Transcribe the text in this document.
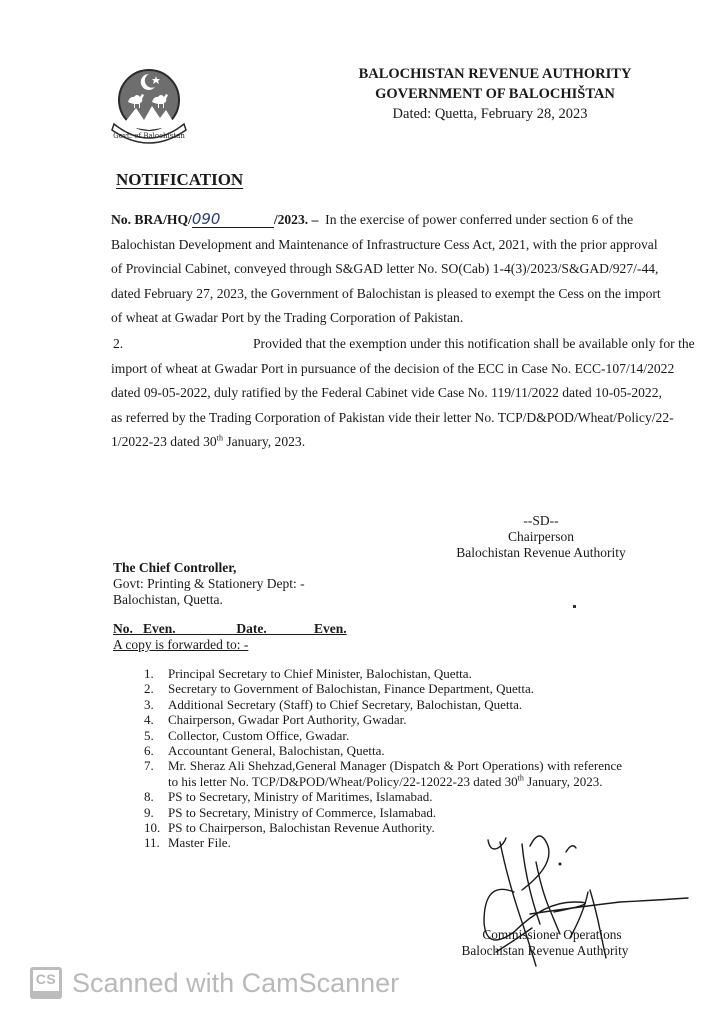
Govt: of Balochistan
BALOCHISTAN REVENUE AUTHORITY
GOVERNMENT OF BALOCHIŠTAN
Dated: Quetta, February 28, 2023
NOTIFICATION
No. BRA/HQ/090	/2023. – In the exercise of power conferred under section 6 of the
Balochistan Development and Maintenance of Infrastructure Cess Act, 2021, with the prior approval
of Provincial Cabinet, conveyed through S&GAD letter No. SO(Cab) 1-4(3)/2023/S&GAD/927/-44,
dated February 27, 2023, the Government of Balochistan is pleased to exempt the Cess on the import
of wheat at Gwadar Port by the Trading Corporation of Pakistan.
2.	Provided that the exemption under this notification shall be available only for the
import of wheat at Gwadar Port in pursuance of the decision of the ECC in Case No. ECC-107/14/2022
dated 09-05-2022, duly ratified by the Federal Cabinet vide Case No. 119/11/2022 dated 10-05-2022,
as referred by the Trading Corporation of Pakistan vide their letter No. TCP/D&POD/Wheat/Policy/22-
1/2022-23 dated 30th January, 2023.
--SD--
Chairperson
Balochistan Revenue Authority
The Chief Controller,
Govt: Printing & Stationery Dept: -
Balochistan, Quetta.
No.   Even.                  Date.              Even.
A copy is forwarded to: -
1. Principal Secretary to Chief Minister, Balochistan, Quetta.
2. Secretary to Government of Balochistan, Finance Department, Quetta.
3. Additional Secretary (Staff) to Chief Secretary, Balochistan, Quetta.
4. Chairperson, Gwadar Port Authority, Gwadar.
5. Collector, Custom Office, Gwadar.
6. Accountant General, Balochistan, Quetta.
7. Mr. Sheraz Ali Shehzad,General Manager (Dispatch & Port Operations) with reference to his letter No. TCP/D&POD/Wheat/Policy/22-12022-23 dated 30th January, 2023.
8. PS to Secretary, Ministry of Maritimes, Islamabad.
9. PS to Secretary, Ministry of Commerce, Islamabad.
10. PS to Chairperson, Balochistan Revenue Authority.
11. Master File.
Commissioner Operations
Balochistan Revenue Authority
CS Scanned with CamScanner
